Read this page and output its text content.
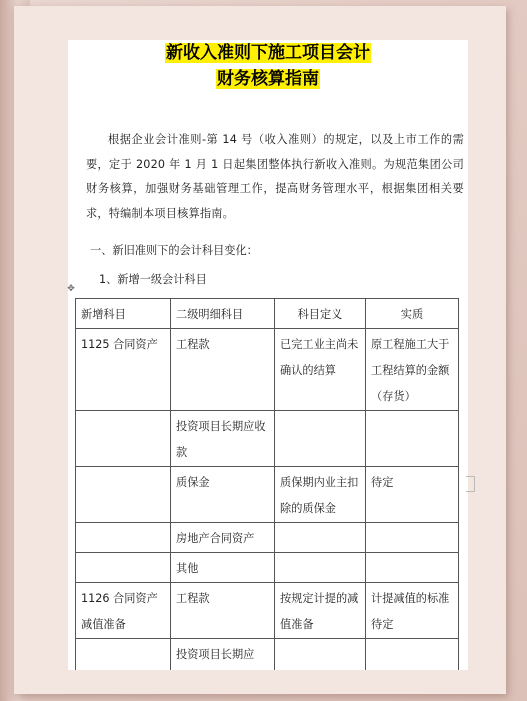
新收入准则下施工项目会计
财务核算指南
根据企业会计准则-第 14 号（收入准则）的规定，以及上市工作的需要，定于 2020 年 1 月 1 日起集团整体执行新收入准则。为规范集团公司财务核算，加强财务基础管理工作，提高财务管理水平，根据集团相关要求，特编制本项目核算指南。
一、新旧准则下的会计科目变化：
1、新增一级会计科目
新增科目	二级明细科目	科目定义	实质
1125 合同资产	工程款	已完工业主尚未确认的结算	原工程施工大于工程结算的金额（存货）
	投资项目长期应收款		
	质保金	质保期内业主扣除的质保金	待定
	房地产合同资产		
	其他		
1126 合同资产减值准备	工程款	按规定计提的减值准备	计提减值的标准待定
	投资项目长期应		
✥
